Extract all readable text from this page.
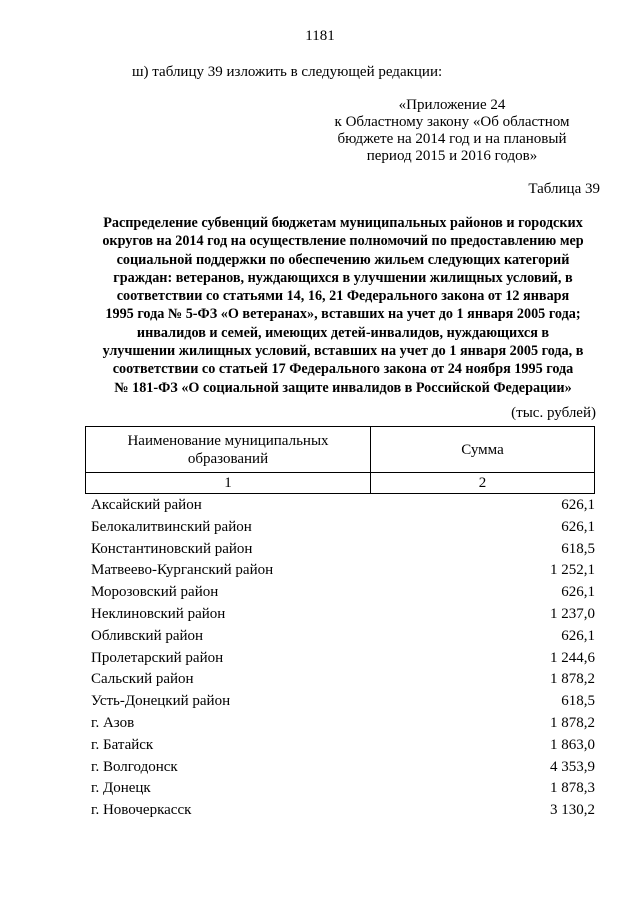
1181
ш) таблицу 39 изложить в следующей редакции:
«Приложение 24
к Областному закону «Об областном
бюджете на 2014 год и на плановый
период 2015 и 2016 годов»
Таблица 39
Распределение субвенций бюджетам муниципальных районов и городских
округов на 2014 год на осуществление полномочий по предоставлению мер
социальной поддержки по обеспечению жильем следующих категорий
граждан: ветеранов, нуждающихся в улучшении жилищных условий, в
соответствии со статьями 14, 16, 21 Федерального закона от 12 января
1995 года № 5-ФЗ «О ветеранах», вставших на учет до 1 января 2005 года;
инвалидов и семей, имеющих детей-инвалидов, нуждающихся в
улучшении жилищных условий, вставших на учет до 1 января 2005 года, в
соответствии со статьей 17 Федерального закона от 24 ноября 1995 года
№ 181-ФЗ «О социальной защите инвалидов в Российской Федерации»
(тыс. рублей)
Наименование муниципальных
образований	Сумма
1	2
Аксайский район	626,1
Белокалитвинский район	626,1
Константиновский район	618,5
Матвеево-Курганский район	1 252,1
Морозовский район	626,1
Неклиновский район	1 237,0
Обливский район	626,1
Пролетарский район	1 244,6
Сальский район	1 878,2
Усть-Донецкий район	618,5
г. Азов	1 878,2
г. Батайск	1 863,0
г. Волгодонск	4 353,9
г. Донецк	1 878,3
г. Новочеркасск	3 130,2
